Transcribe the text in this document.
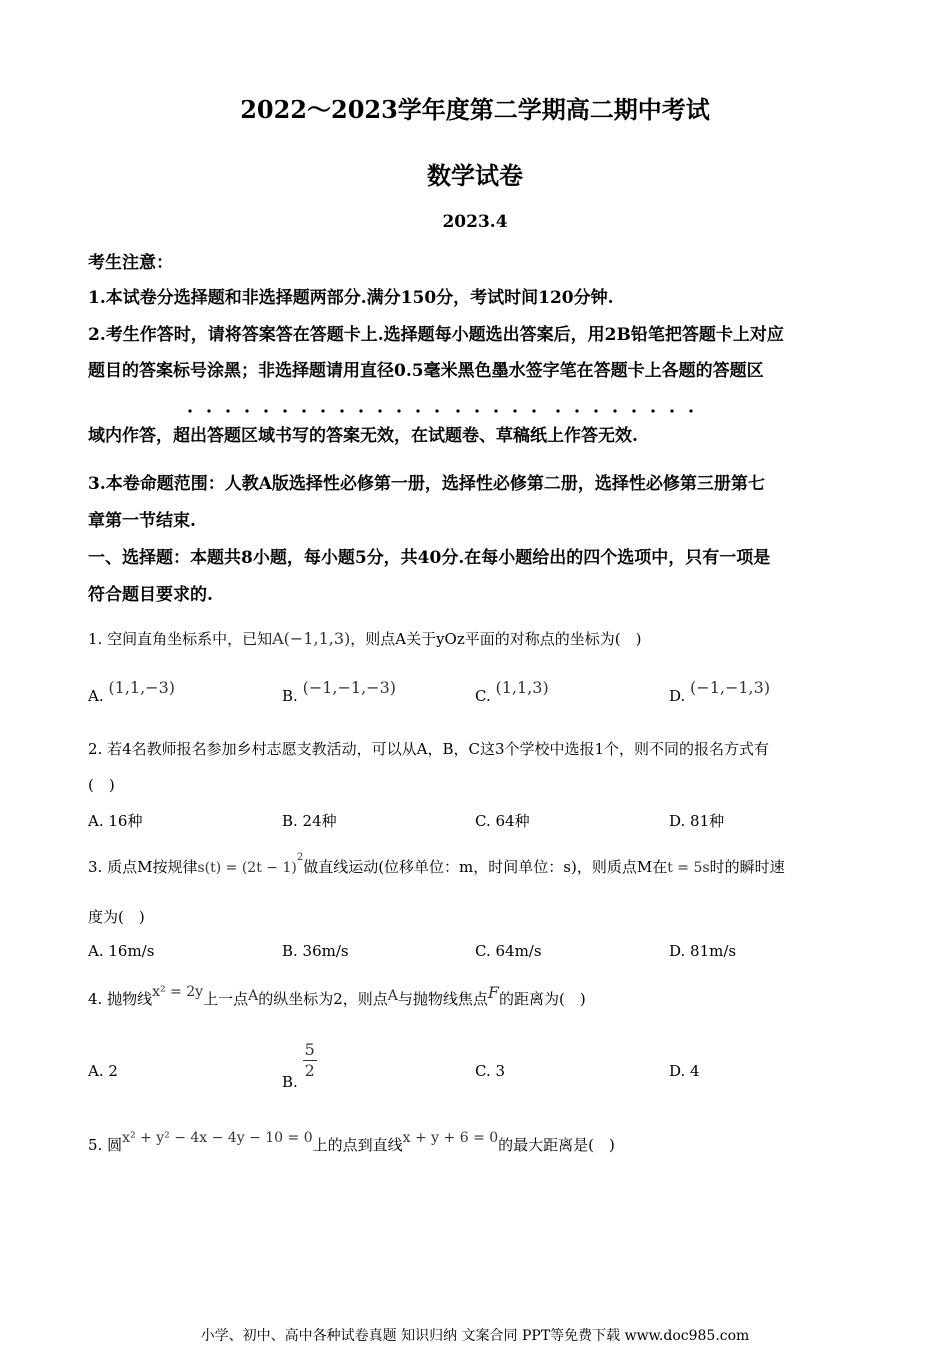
2022～2023学年度第二学期高二期中考试
数学试卷
2023.4
考生注意：
1.本试卷分选择题和非选择题两部分.满分150分，考试时间120分钟.
2.考生作答时，请将答案答在答题卡上.选择题每小题选出答案后，用2B铅笔把答题卡上对应
题目的答案标号涂黑；非选择题请用直径0.5毫米黑色墨水签字笔在答题卡上各题的答题区
域内作答，超出答题区域书写的答案无效，在试题卷、草稿纸上作答无效.
3.本卷命题范围：人教A版选择性必修第一册，选择性必修第二册，选择性必修第三册第七
章第一节结束.
一、选择题：本题共8小题，每小题5分，共40分.在每小题给出的四个选项中，只有一项是
符合题目要求的.
1. 空间直角坐标系中，已知A(−1,1,3)，则点A关于yOz平面的对称点的坐标为(　)
A. (1,1,−3)	B. (−1,−1,−3)	C. (1,1,3)	D. (−1,−1,3)
2. 若4名教师报名参加乡村志愿支教活动，可以从A，B，C这3个学校中选报1个，则不同的报名方式有
(　)
A. 16种	B. 24种	C. 64种	D. 81种
3. 质点M按规律$s(t) = (2t - 1)^2$做直线运动(位移单位：m，时间单位：s)，则质点M在t = 5s时的瞬时速
度为(　)
A. 16m/s	B. 36m/s	C. 64m/s	D. 81m/s
4. 抛物线x² = 2y上一点A的纵坐标为2，则点A与抛物线焦点F的距离为(　)
A. 2
B.
$\frac{5}{2}$	C. 3	D. 4
5. 圆x² + y² − 4x − 4y − 10 = 0上的点到直线x + y + 6 = 0的最大距离是(　)
小学、初中、高中各种试卷真题 知识归纳 文案合同 PPT等免费下载 www.doc985.com
